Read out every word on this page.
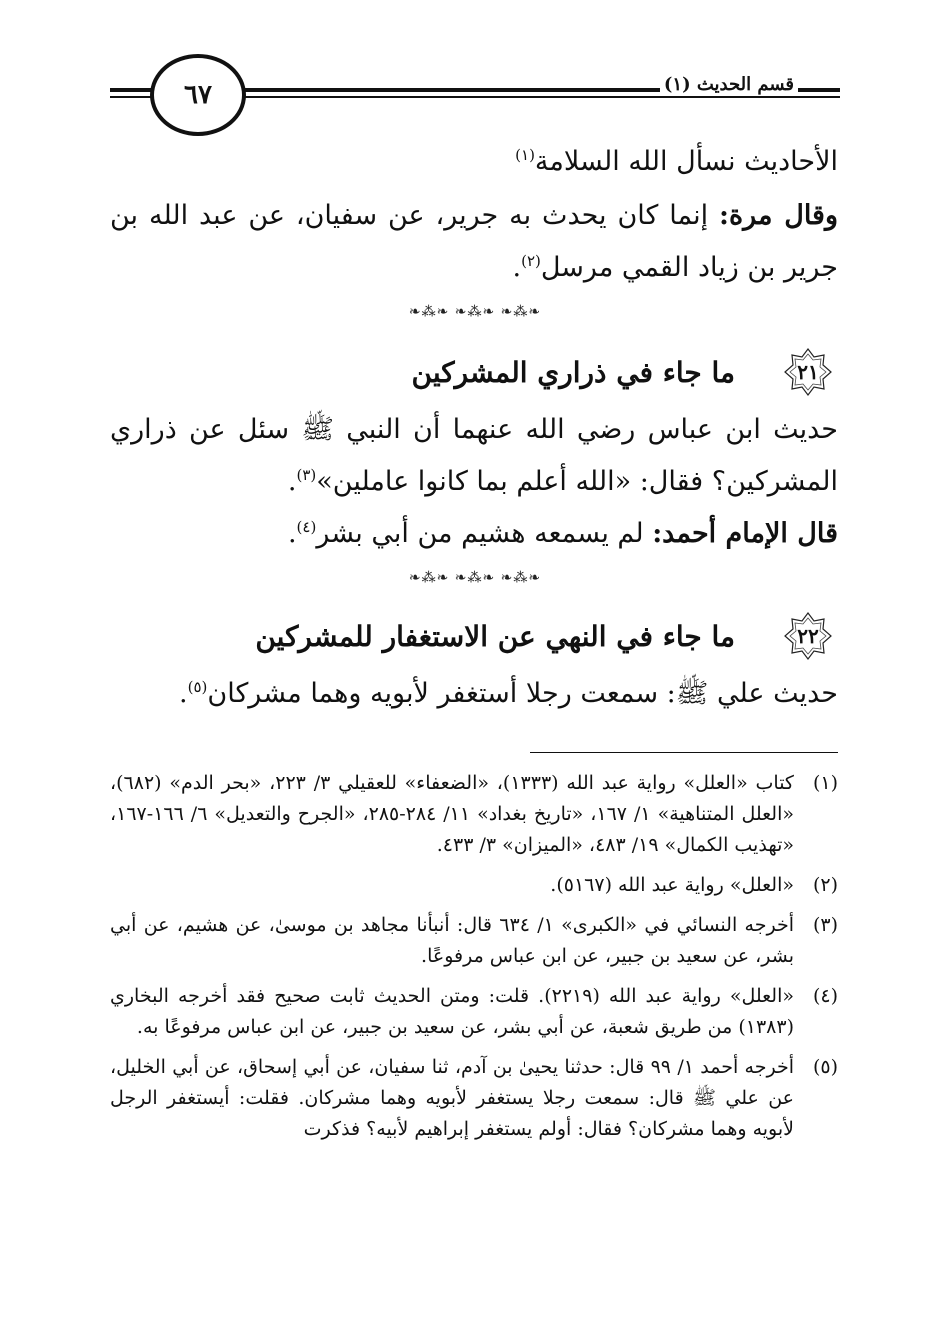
٦٧	قسم الحديث (١)
الأحاديث نسأل الله السلامة$^{(١)}$
وقال مرة: إنما كان يحدث به جرير، عن سفيان، عن عبد الله بن جرير بن زياد القمي مرسل$^{(٢)}$.
❧⁂❧ ❧⁂❧ ❧⁂❧
٢١
ما جاء في ذراري المشركين
حديث ابن عباس رضي الله عنهما أن النبي ﷺ سئل عن ذراري المشركين؟ فقال: «الله أعلم بما كانوا عاملين»$^{(٣)}$.
قال الإمام أحمد: لم يسمعه هشيم من أبي بشر$^{(٤)}$.
❧⁂❧ ❧⁂❧ ❧⁂❧
٢٢
ما جاء في النهي عن الاستغفار للمشركين
حديث علي ﷺ: سمعت رجلا أستغفر لأبويه وهما مشركان$^{(٥)}$.
(١)
كتاب «العلل» رواية عبد الله (١٣٣٣)، «الضعفاء» للعقيلي ٣/ ٢٢٣، «بحر الدم» (٦٨٢)، «العلل المتناهية» ١/ ١٦٧، «تاريخ بغداد» ١١/ ٢٨٤-٢٨٥، «الجرح والتعديل» ٦/ ١٦٦-١٦٧، «تهذيب الكمال» ١٩/ ٤٨٣، «الميزان» ٣/ ٤٣٣.
(٢)
«العلل» رواية عبد الله (٥١٦٧).
(٣)
أخرجه النسائي في «الكبرى» ١/ ٦٣٤ قال: أنبأنا مجاهد بن موسىٰ، عن هشيم، عن أبي بشر، عن سعيد بن جبير، عن ابن عباس مرفوعًا.
(٤)
«العلل» رواية عبد الله (٢٢١٩). قلت: ومتن الحديث ثابت صحيح فقد أخرجه البخاري (١٣٨٣) من طريق شعبة، عن أبي بشر، عن سعيد بن جبير، عن ابن عباس مرفوعًا به.
(٥)
أخرجه أحمد ١/ ٩٩ قال: حدثنا يحيىٰ بن آدم، ثنا سفيان، عن أبي إسحاق، عن أبي الخليل، عن علي ﷺ قال: سمعت رجلا يستغفر لأبويه وهما مشركان. فقلت: أيستغفر الرجل لأبويه وهما مشركان؟ فقال: أولم يستغفر إبراهيم لأبيه؟ فذكرت
